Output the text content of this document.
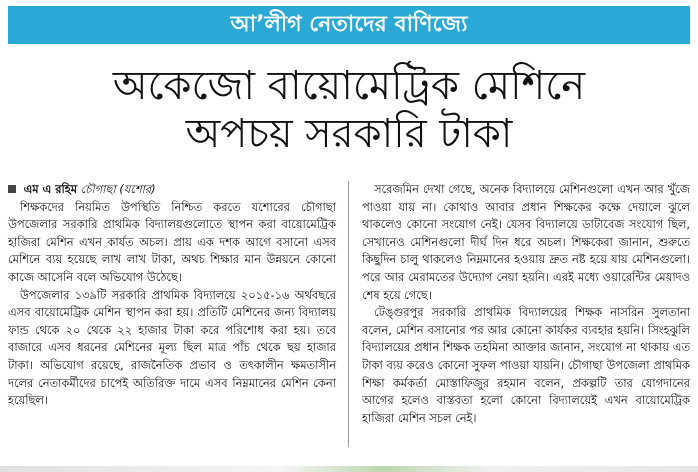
আ’লীগ নেতাদের বাণিজ্যে
অকেজো বায়োমেট্রিক মেশিনে
অপচয় সরকারি টাকা
এম এ রহিম চৌগাছা (যশোর)

শিক্ষকদের নিয়মিত উপস্থিতি নিশ্চিত করতে যশোরের চৌগাছা উপজেলার সরকারি প্রাথমিক বিদ্যালয়গুলোতে স্থাপন করা বায়োমেট্রিক হাজিরা মেশিন এখন কার্যত অচল। প্রায় এক দশক আগে বসানো এসব মেশিনে ব্যয় হয়েছে লাখ লাখ টাকা, অথচ শিক্ষার মান উন্নয়নে কোনো কাজে আসেনি বলে অভিযোগ উঠেছে।

উপজেলার ১৩৯টি সরকারি প্রাথমিক বিদ্যালয়ে ২০১৫-১৬ অর্থবছরে এসব বায়োমেট্রিক মেশিন স্থাপন করা হয়। প্রতিটি মেশিনের জন্য বিদ্যালয় ফান্ড থেকে ২০ থেকে ২২ হাজার টাকা করে পরিশোধ করা হয়। তবে বাজারে এসব ধরনের মেশিনের মূল্য ছিল মাত্র পাঁচ থেকে ছয় হাজার টাকা। অভিযোগ রয়েছে, রাজনৈতিক প্রভাব ও তৎকালীন ক্ষমতাসীন দলের নেতাকর্মীদের চাপেই অতিরিক্ত দামে এসব নিম্নমানের মেশিন কেনা হয়েছিল।

সরেজমিন দেখা গেছে, অনেক বিদ্যালয়ে মেশিনগুলো এখন আর খুঁজে পাওয়া যায় না। কোথাও আবার প্রধান শিক্ষকের কক্ষে দেয়ালে ঝুলে থাকলেও কোনো সংযোগ নেই। যেসব বিদ্যালয়ে ডাটাবেজ সংযোগ ছিল, সেখানেও মেশিনগুলো দীর্ঘ দিন ধরে অচল। শিক্ষকেরা জানান, শুরুতে কিছুদিন চালু থাকলেও নিম্নমানের হওয়ায় দ্রুত নষ্ট হয়ে যায় মেশিনগুলো। পরে আর মেরামতের উদ্যোগ নেয়া হয়নি। এরই মধ্যে ওয়ারেন্টির মেয়াদও শেষ হয়ে গেছে।

টেঙ্গুরপুর সরকারি প্রাথমিক বিদ্যালয়ের শিক্ষক নাসরিন সুলতানা বলেন, মেশিন বসানোর পর আর কোনো কার্যকর ব্যবহার হয়নি। সিংহঝুলি বিদ্যালয়ের প্রধান শিক্ষক তহমিনা আক্তার জানান, সংযোগ না থাকায় এত টাকা ব্যয় করেও কোনো সুফল পাওয়া যায়নি। চৌগাছা উপজেলা প্রাথমিক শিক্ষা কর্মকর্তা মোস্তাফিজুর রহমান বলেন, প্রকল্পটি তার যোগদানের আগের হলেও বাস্তবতা হলো কোনো বিদ্যালয়েই এখন বায়োমেট্রিক হাজিরা মেশিন সচল নেই।
